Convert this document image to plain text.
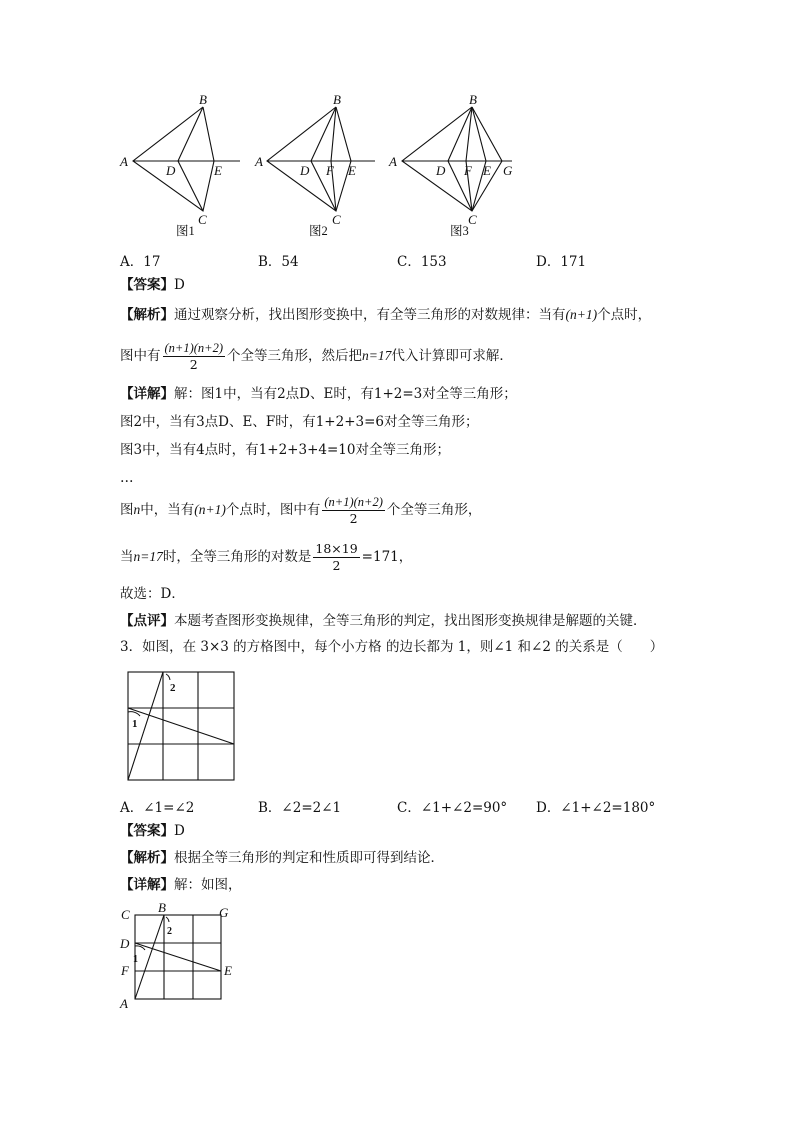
B
A
D	E
C
图1
B
A
D F E
C
图2
B
A
D F E G
C
图3
A．17	B．54	C．153	D．171
【答案】D
【解析】通过观察分析，找出图形变换中，有全等三角形的对数规律：当有(n+1)个点时，
图中有 $\frac{(n+1)(n+2)}{2}$ 个全等三角形，然后把n=17代入计算即可求解．
【详解】解：图1中，当有2点D、E时，有1+2=3对全等三角形；
图2中，当有3点D、E、F时，有1+2+3=6对全等三角形；
图3中，当有4点时，有1+2+3+4=10对全等三角形；
…
图n中，当有(n+1)个点时，图中有 $\frac{(n+1)(n+2)}{2}$ 个全等三角形，
当n=17时，全等三角形的对数是 $\frac{18\times 19}{2} =171$，
故选：D．
【点评】本题考查图形变换规律，全等三角形的判定，找出图形变换规律是解题的关键．
3．如图，在 3×3 的方格图中，每个小方格 的边长都为 1，则∠1 和∠2 的关系是（　　）
1
2
A．∠1=∠2	B．∠2=2∠1	C．∠1+∠2=90° D．∠1+∠2=180°
【答案】D
【解析】根据全等三角形的判定和性质即可得到结论．
【详解】解：如图，
C B	G
D
F	E
A
1
2
